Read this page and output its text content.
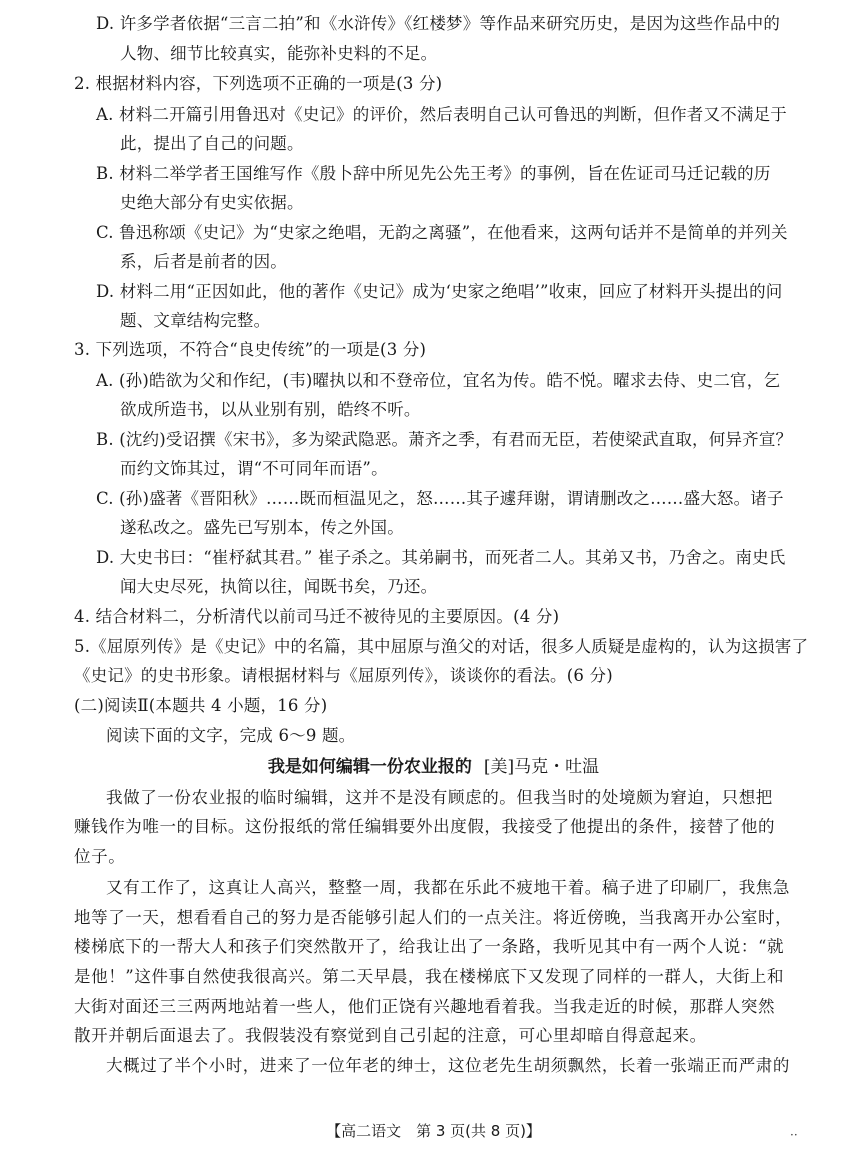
D. 许多学者依据“三言二拍”和《水浒传》《红楼梦》等作品来研究历史，是因为这些作品中的
人物、细节比较真实，能弥补史料的不足。
2. 根据材料内容，下列选项不正确的一项是(3 分)
A. 材料二开篇引用鲁迅对《史记》的评价，然后表明自己认可鲁迅的判断，但作者又不满足于
此，提出了自己的问题。
B. 材料二举学者王国维写作《殷卜辞中所见先公先王考》的事例，旨在佐证司马迁记载的历
史绝大部分有史实依据。
C. 鲁迅称颂《史记》为“史家之绝唱，无韵之离骚”，在他看来，这两句话并不是简单的并列关
系，后者是前者的因。
D. 材料二用“正因如此，他的著作《史记》成为‘史家之绝唱’”收束，回应了材料开头提出的问
题、文章结构完整。
3. 下列选项，不符合“良史传统”的一项是(3 分)
A. (孙)皓欲为父和作纪，(韦)曜执以和不登帝位，宜名为传。皓不悦。曜求去侍、史二官，乞
欲成所造书，以从业别有别，皓终不听。
B. (沈约)受诏撰《宋书》，多为梁武隐恶。萧齐之季，有君而无臣，若使梁武直取，何异齐宣？
而约文饰其过，谓“不可同年而语”。
C. (孙)盛著《晋阳秋》……既而桓温见之，怒……其子遽拜谢，谓请删改之……盛大怒。诸子
遂私改之。盛先已写别本，传之外国。
D. 大史书曰：“崔杼弑其君。” 崔子杀之。其弟嗣书，而死者二人。其弟又书，乃舍之。南史氏
闻大史尽死，执简以往，闻既书矣，乃还。
4. 结合材料二，分析清代以前司马迁不被待见的主要原因。(4 分)
5.《屈原列传》是《史记》中的名篇，其中屈原与渔父的对话，很多人质疑是虚构的，认为这损害了
《史记》的史书形象。请根据材料与《屈原列传》，谈谈你的看法。(6 分)
(二)阅读Ⅱ(本题共 4 小题，16 分)
阅读下面的文字，完成 6～9 题。
我是如何编辑一份农业报的 [美]马克・吐温
我做了一份农业报的临时编辑，这并不是没有顾虑的。但我当时的处境颇为窘迫，只想把
赚钱作为唯一的目标。这份报纸的常任编辑要外出度假，我接受了他提出的条件，接替了他的
位子。
又有工作了，这真让人高兴，整整一周，我都在乐此不疲地干着。稿子进了印刷厂，我焦急
地等了一天，想看看自己的努力是否能够引起人们的一点关注。将近傍晚，当我离开办公室时，
楼梯底下的一帮大人和孩子们突然散开了，给我让出了一条路，我听见其中有一两个人说：“就
是他！”这件事自然使我很高兴。第二天早晨，我在楼梯底下又发现了同样的一群人，大街上和
大街对面还三三两两地站着一些人，他们正饶有兴趣地看着我。当我走近的时候，那群人突然
散开并朝后面退去了。我假装没有察觉到自己引起的注意，可心里却暗自得意起来。
大概过了半个小时，进来了一位年老的绅士，这位老先生胡须飘然，长着一张端正而严肃的
【高二语文　第 3 页(共 8 页)】	··
